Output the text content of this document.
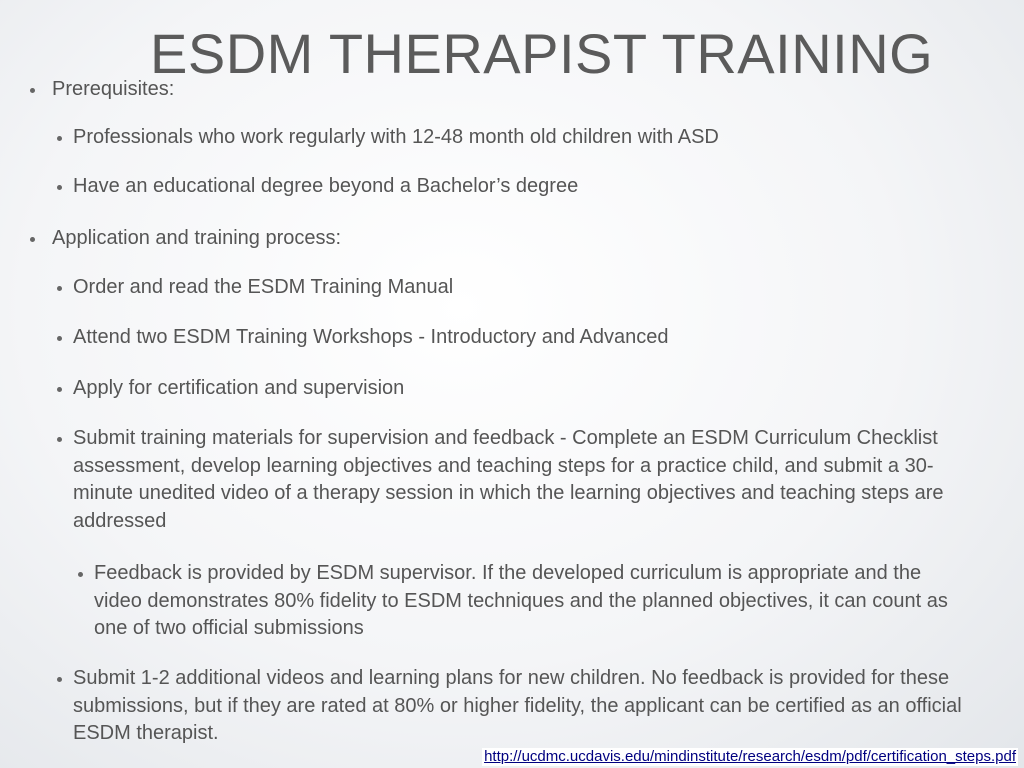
ESDM THERAPIST TRAINING
Prerequisites:
Professionals who work regularly with 12-48 month old children with ASD
Have an educational degree beyond a Bachelor’s degree
Application and training process:
Order and read the ESDM Training Manual
Attend two ESDM Training Workshops - Introductory and Advanced
Apply for certification and supervision
Submit training materials for supervision and feedback - Complete an ESDM Curriculum Checklist assessment, develop learning objectives and teaching steps for a practice child, and submit a 30-minute unedited video of a therapy session in which the learning objectives and teaching steps are addressed
Feedback is provided by ESDM supervisor. If the developed curriculum is appropriate and the video demonstrates 80% fidelity to ESDM techniques and the planned objectives, it can count as one of two official submissions
Submit 1-2 additional videos and learning plans for new children. No feedback is provided for these submissions, but if they are rated at 80% or higher fidelity, the applicant can be certified as an official ESDM therapist.
http://ucdmc.ucdavis.edu/mindinstitute/research/esdm/pdf/certification_steps.pdf
